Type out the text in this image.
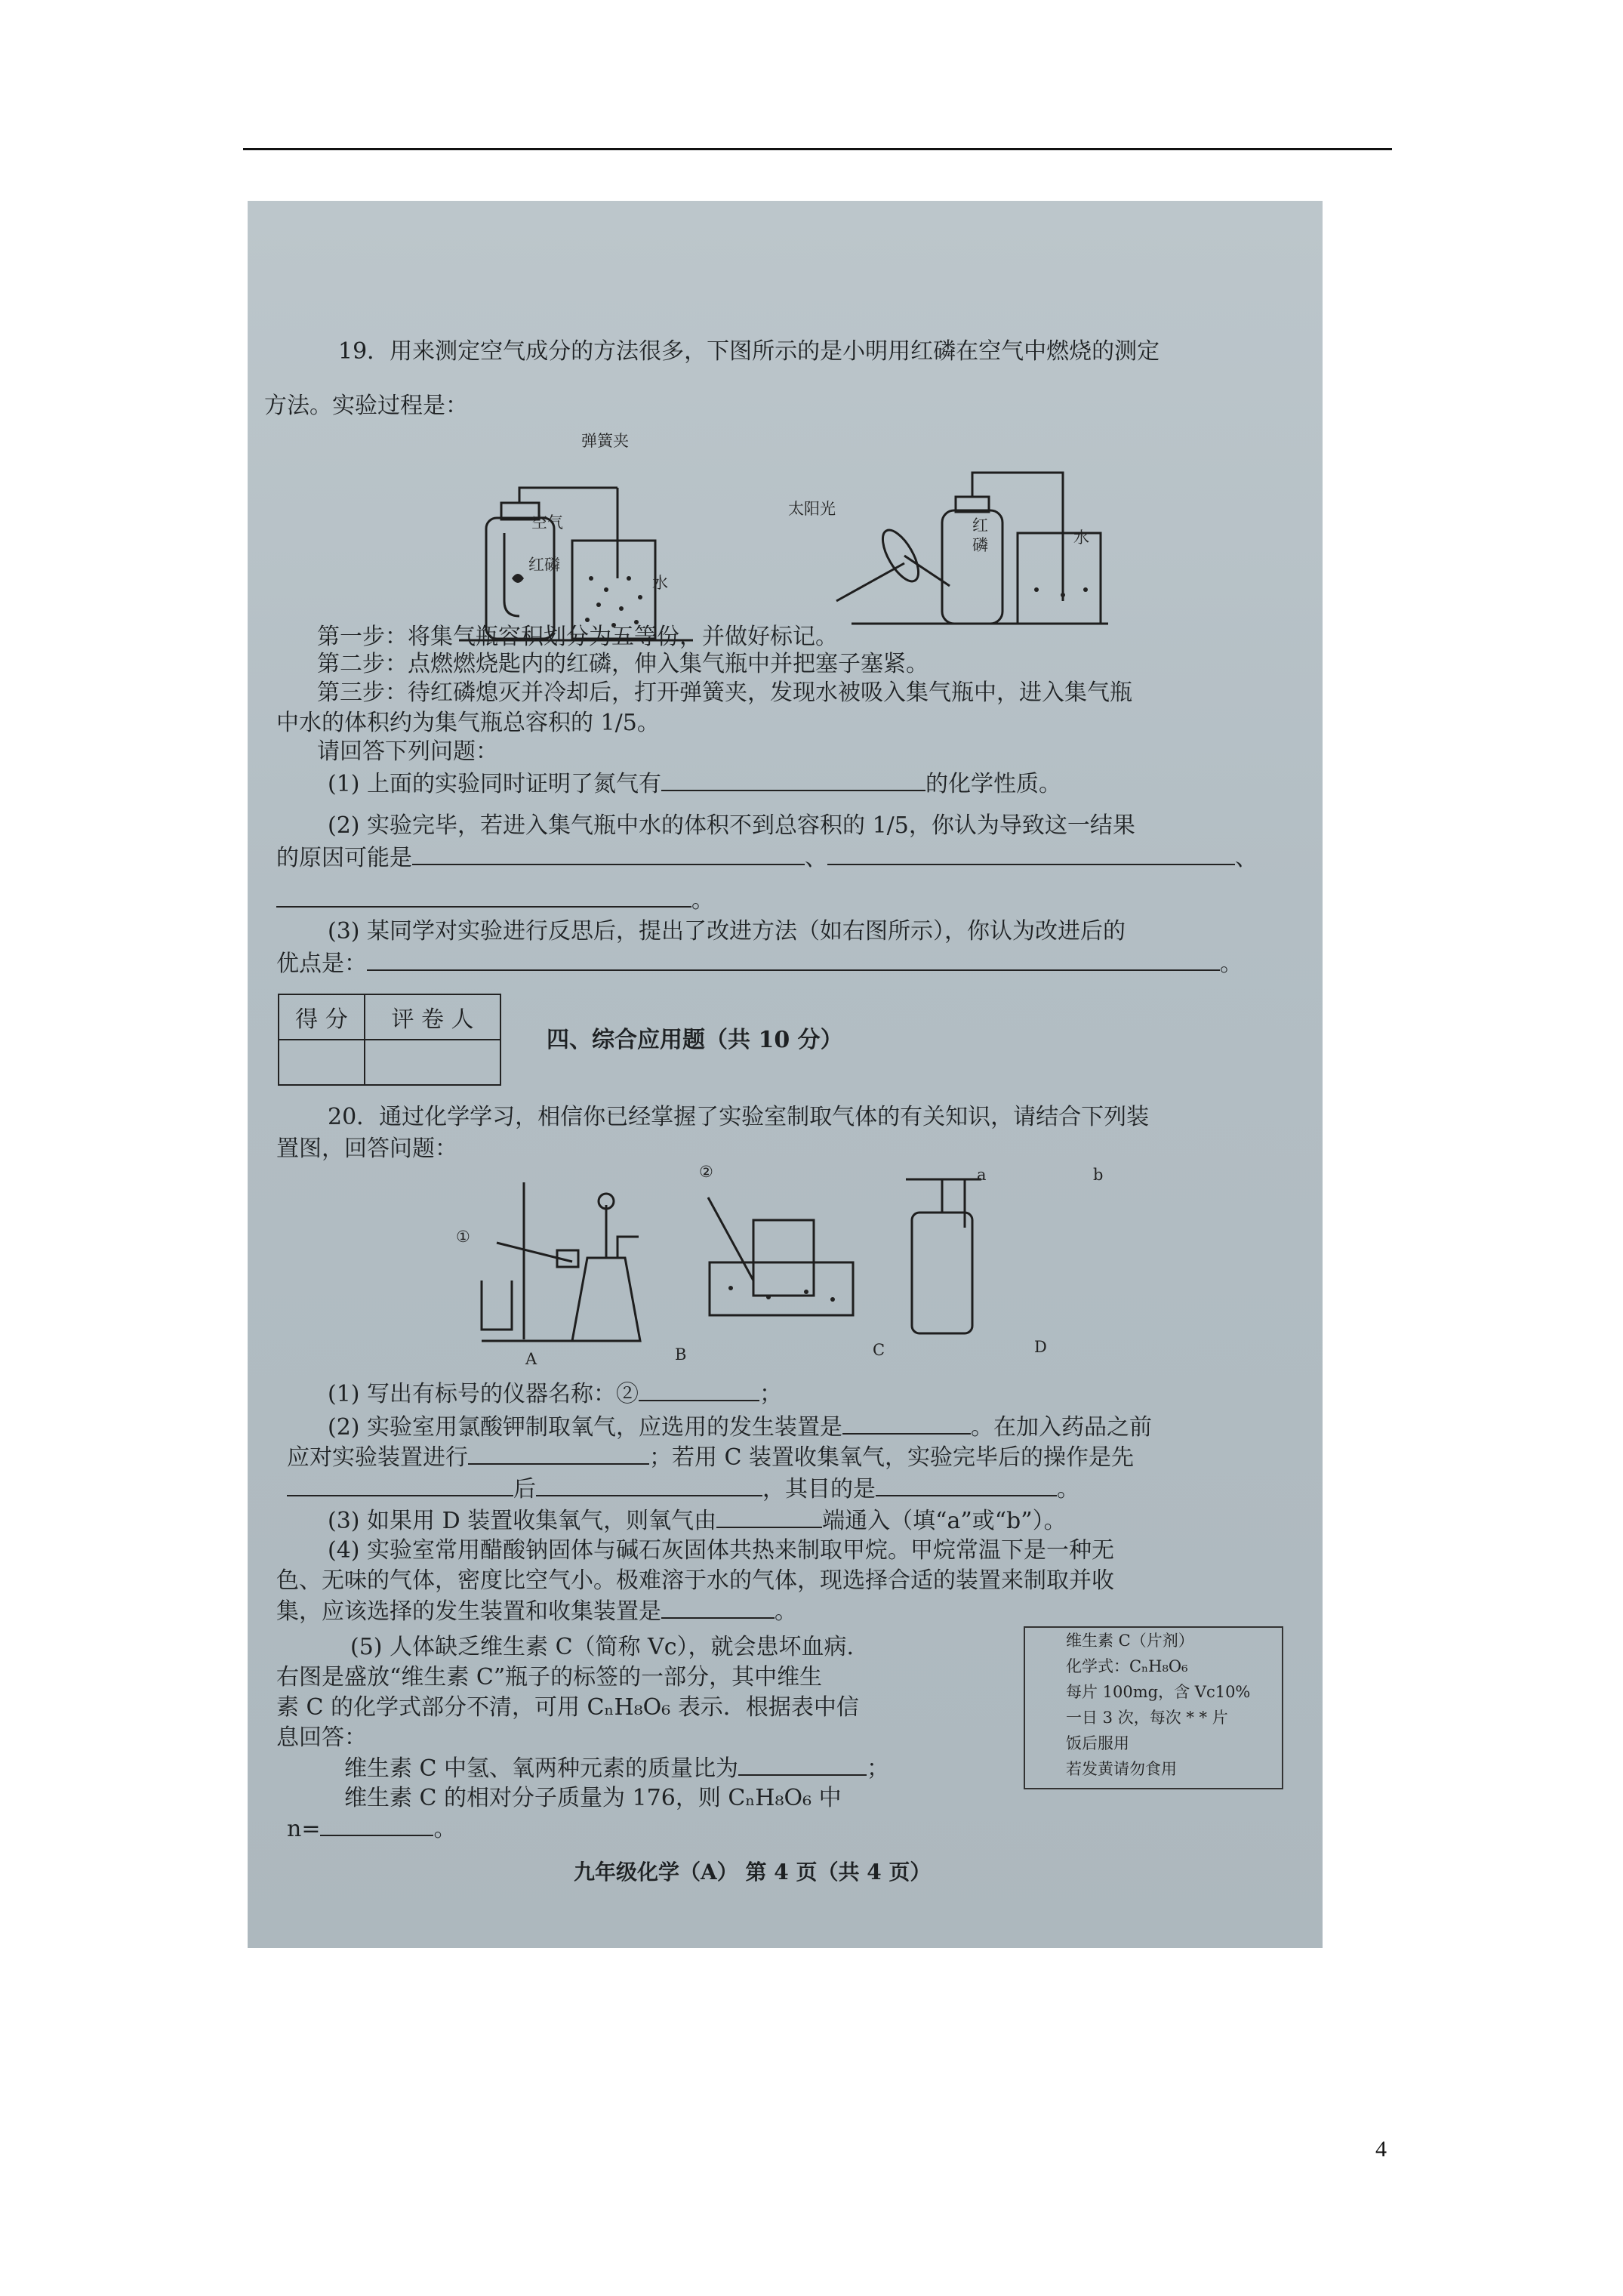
19．用来测定空气成分的方法很多，下图所示的是小明用红磷在空气中燃烧的测定
方法。实验过程是：
弹簧夹
空气
红磷
水
太阳光
红
磷	水
第一步：将集气瓶容积划分为五等份，并做好标记。
第二步：点燃燃烧匙内的红磷，伸入集气瓶中并把塞子塞紧。
第三步：待红磷熄灭并冷却后，打开弹簧夹，发现水被吸入集气瓶中，进入集气瓶
中水的体积约为集气瓶总容积的 1/5。
请回答下列问题：
(1) 上面的实验同时证明了氮气有	的化学性质。
(2) 实验完毕，若进入集气瓶中水的体积不到总容积的 1/5，你认为导致这一结果
的原因可能是	、	、
。
(3) 某同学对实验进行反思后，提出了改进方法（如右图所示），你认为改进后的
优点是：	。
得 分	评 卷 人

四、综合应用题（共 10 分）
20．通过化学学习，相信你已经掌握了实验室制取气体的有关知识，请结合下列装
置图，回答问题：
②
①
A	B	C	D
a	b
(1) 写出有标号的仪器名称：②	；
(2) 实验室用氯酸钾制取氧气，应选用的发生装置是	。在加入药品之前
应对实验装置进行	；若用 C 装置收集氧气，实验完毕后的操作是先
后	，其目的是	。
(3) 如果用 D 装置收集氧气，则氧气由	端通入（填“a”或“b”）。
(4) 实验室常用醋酸钠固体与碱石灰固体共热来制取甲烷。甲烷常温下是一种无
色、无味的气体，密度比空气小。极难溶于水的气体，现选择合适的装置来制取并收
集，应该选择的发生装置和收集装置是	。
(5) 人体缺乏维生素 C（简称 Vc），就会患坏血病.
右图是盛放“维生素 C”瓶子的标签的一部分，其中维生
素 C 的化学式部分不清，可用 CₙH₈O₆ 表示．根据表中信
息回答：
维生素 C 中氢、氧两种元素的质量比为	；
维生素 C 的相对分子质量为 176，则 CₙH₈O₆ 中
n=	。
维生素 C（片剂）
化学式：CₙH₈O₆
每片 100mg，含 Vc10%
一日 3 次，每次 * * 片
饭后服用
若发黄请勿食用
九年级化学（A） 第 4 页（共 4 页）
4
